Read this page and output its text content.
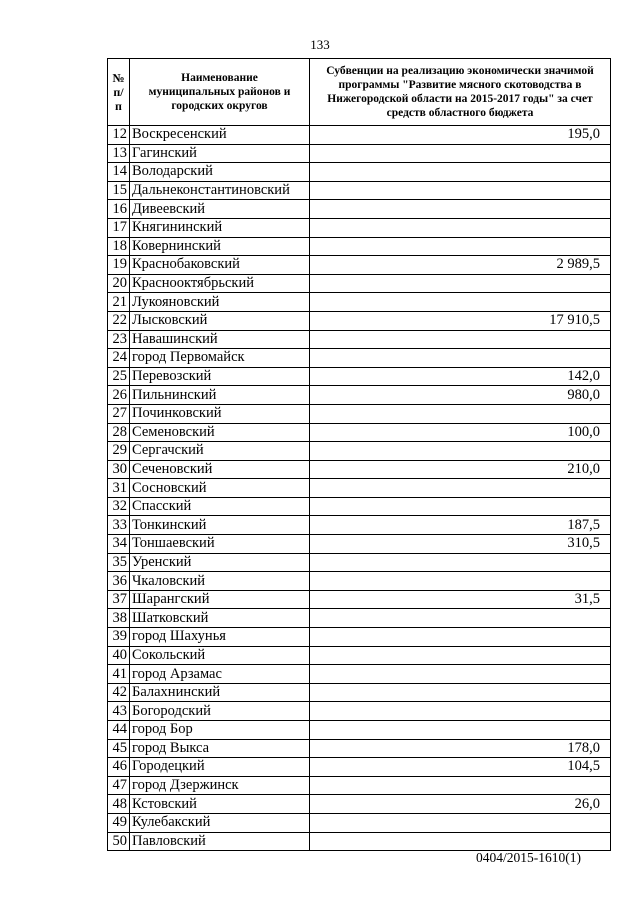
133
№ п/п	Наименование муниципальных районов и городских округов	Субвенции на реализацию экономически значимой программы "Развитие мясного скотоводства в Нижегородской области на 2015-2017 годы" за счет средств областного бюджета

12	Воскресенский	195,0
13	Гагинский	
14	Володарский	
15	Дальнеконстантиновский	
16	Дивеевский	
17	Княгининский	
18	Ковернинский	
19	Краснобаковский	2 989,5
20	Краснооктябрьский	
21	Лукояновский	
22	Лысковский	17 910,5
23	Навашинский	
24	город Первомайск	
25	Перевозский	142,0
26	Пильнинский	980,0
27	Починковский	
28	Семеновский	100,0
29	Сергачский	
30	Сеченовский	210,0
31	Сосновский	
32	Спасский	
33	Тонкинский	187,5
34	Тоншаевский	310,5
35	Уренский	
36	Чкаловский	
37	Шарангский	31,5
38	Шатковский	
39	город Шахунья	
40	Сокольский	
41	город Арзамас	
42	Балахнинский	
43	Богородский	
44	город Бор	
45	город Выкса	178,0
46	Городецкий	104,5
47	город Дзержинск	
48	Кстовский	26,0
49	Кулебакский	
50	Павловский	
0404/2015-1610(1)
